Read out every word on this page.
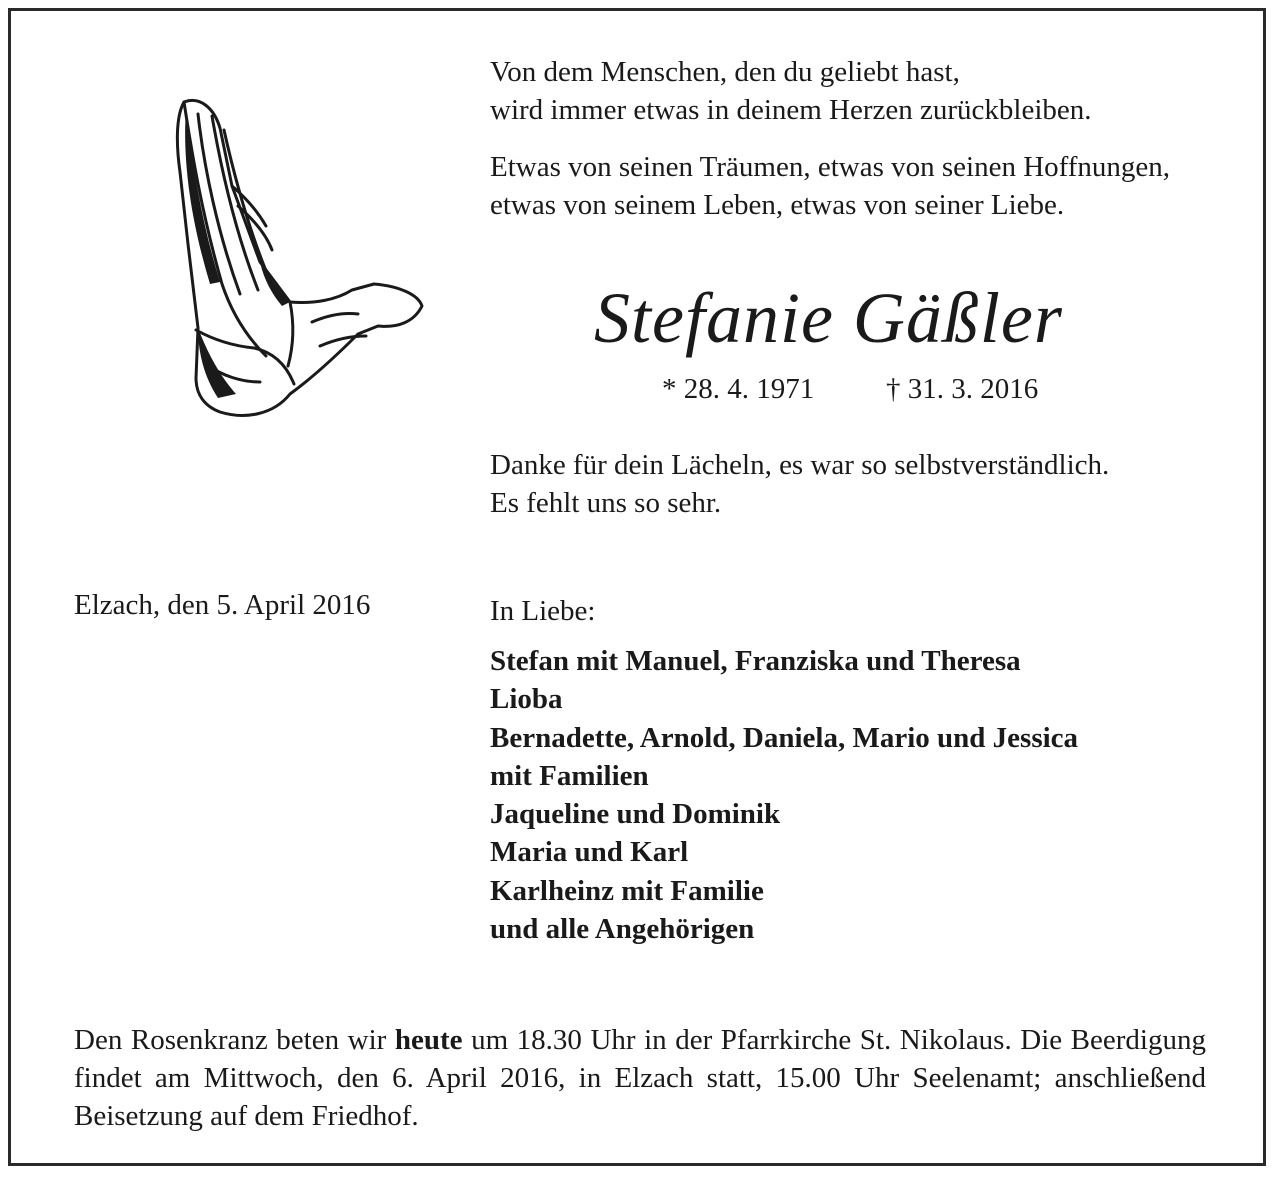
Von dem Menschen, den du geliebt hast,
wird immer etwas in deinem Herzen zurückbleiben.

Etwas von seinen Träumen, etwas von seinen Hoffnungen,
etwas von seinem Leben, etwas von seiner Liebe.

Stefanie Gäßler

* 28. 4. 1971 † 31. 3. 2016

Danke für dein Lächeln, es war so selbstverständlich.
Es fehlt uns so sehr.

Elzach, den 5. April 2016	In Liebe:

Stefan mit Manuel, Franziska und Theresa
Lioba
Bernadette, Arnold, Daniela, Mario und Jessica
mit Familien
Jaqueline und Dominik
Maria und Karl
Karlheinz mit Familie
und alle Angehörigen

Den Rosenkranz beten wir heute um 18.30 Uhr in der Pfarrkirche St. Nikolaus. Die Beerdigung findet am Mittwoch, den 6. April 2016, in Elzach statt, 15.00 Uhr Seelenamt; anschließend Beisetzung auf dem Friedhof.
